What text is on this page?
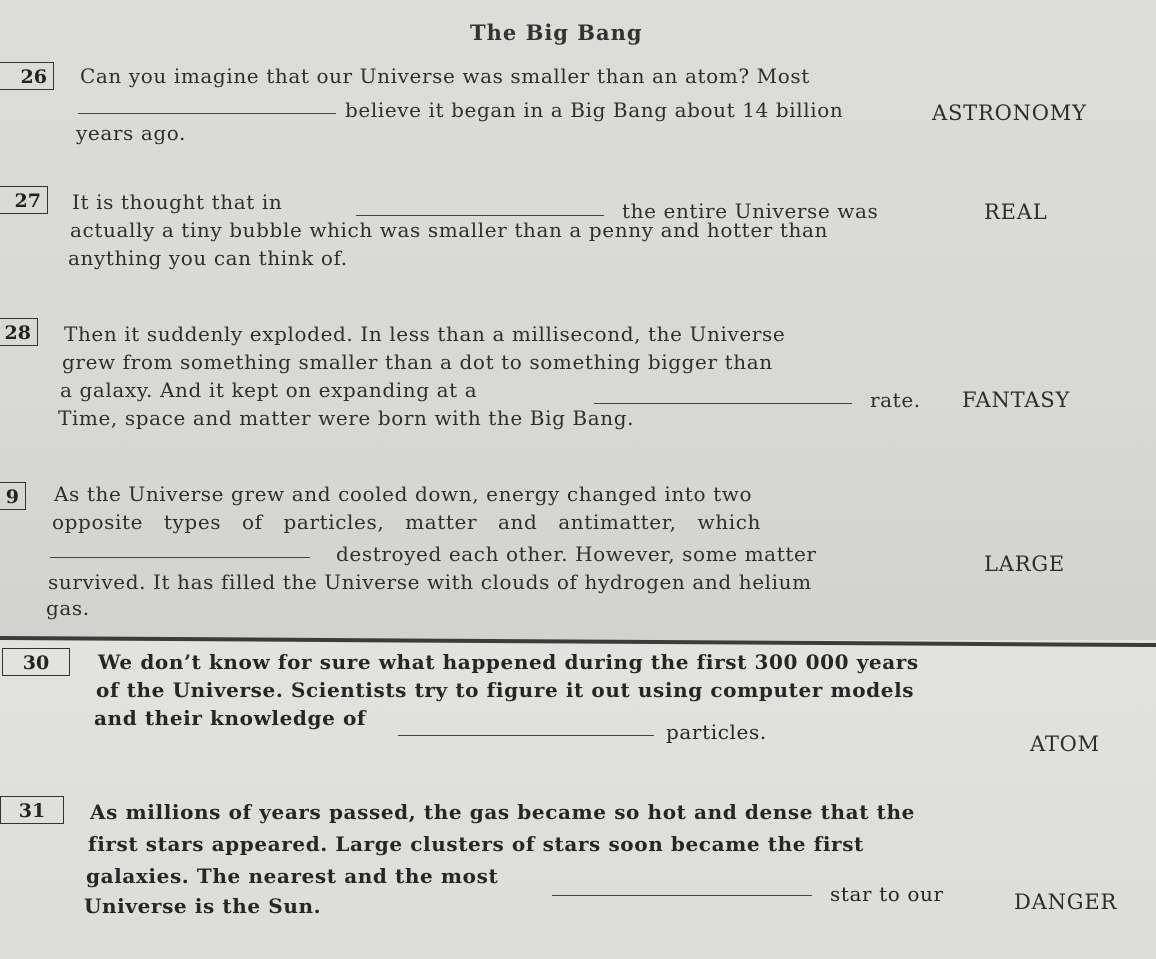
The Big Bang
26	Can you imagine that our Universe was smaller than an atom? Most
believe it began in a Big Bang about 14 billion
years ago.
ASTRONOMY
27	It is thought that in	the entire Universe was
actually a tiny bubble which was smaller than a penny and hotter than
anything you can think of.
REAL
28	Then it suddenly exploded. In less than a millisecond, the Universe
grew from something smaller than a dot to something bigger than
a galaxy. And it kept on expanding at a	rate.
Time, space and matter were born with the Big Bang.
FANTASY
9	As the Universe grew and cooled down, energy changed into two
opposite   types   of   particles,   matter   and   antimatter,   which
destroyed each other. However, some matter
survived. It has filled the Universe with clouds of hydrogen and helium
gas.
LARGE
30	We don’t know for sure what happened during the first 300 000 years
of the Universe. Scientists try to figure it out using computer models
and their knowledge of
particles.	ATOM
31	As millions of years passed, the gas became so hot and dense that the
first stars appeared. Large clusters of stars soon became the first
galaxies. The nearest and the most
star to our
Universe is the Sun.	DANGER
